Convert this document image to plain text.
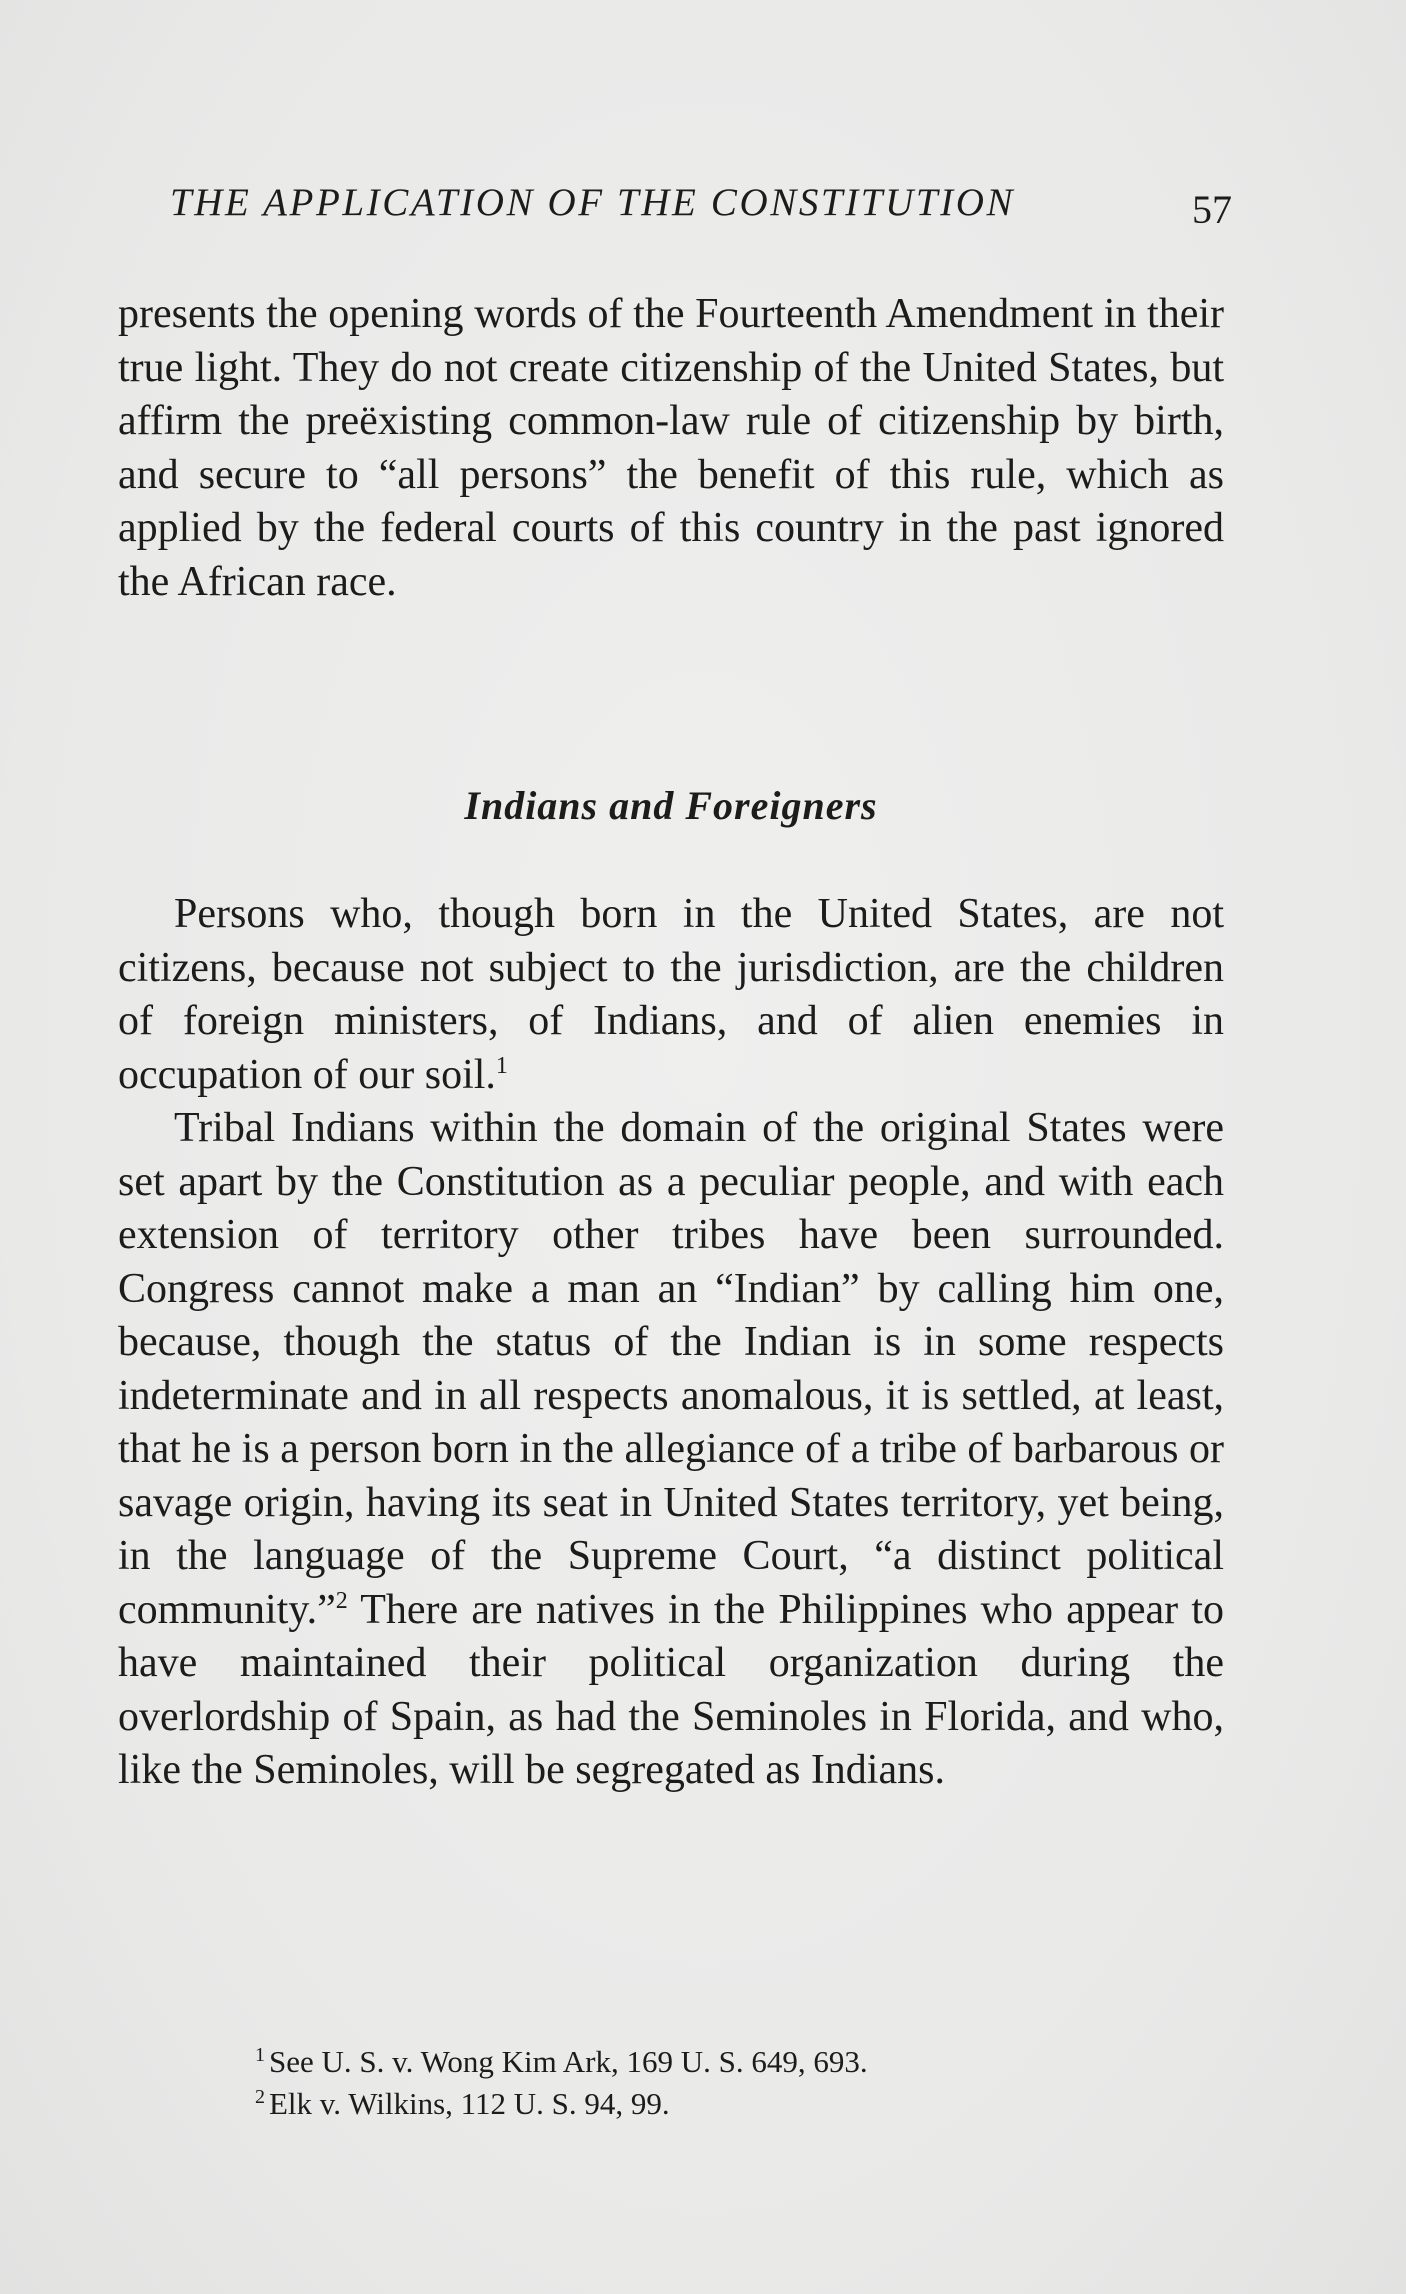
THE APPLICATION OF THE CONSTITUTION	57

presents the opening words of the Fourteenth Amendment in their true light. They do not create citizenship of the United States, but affirm the preëxisting common-law rule of citizenship by birth, and secure to “all persons” the benefit of this rule, which as applied by the federal courts of this country in the past ignored the African race.

Indians and Foreigners

Persons who, though born in the United States, are not citizens, because not subject to the jurisdiction, are the children of foreign ministers, of Indians, and of alien enemies in occupation of our soil.$^1$

Tribal Indians within the domain of the original States were set apart by the Constitution as a peculiar people, and with each extension of territory other tribes have been surrounded. Congress cannot make a man an “Indian” by calling him one, because, though the status of the Indian is in some respects indeterminate and in all respects anomalous, it is settled, at least, that he is a person born in the allegiance of a tribe of barbarous or savage origin, having its seat in United States territory, yet being, in the language of the Supreme Court, “a distinct political community.”$^2$ There are natives in the Philippines who appear to have maintained their political organization during the overlordship of Spain, as had the Seminoles in Florida, and who, like the Seminoles, will be segregated as Indians.

$^1$ See U. S. v. Wong Kim Ark, 169 U. S. 649, 693.
$^2$ Elk v. Wilkins, 112 U. S. 94, 99.
